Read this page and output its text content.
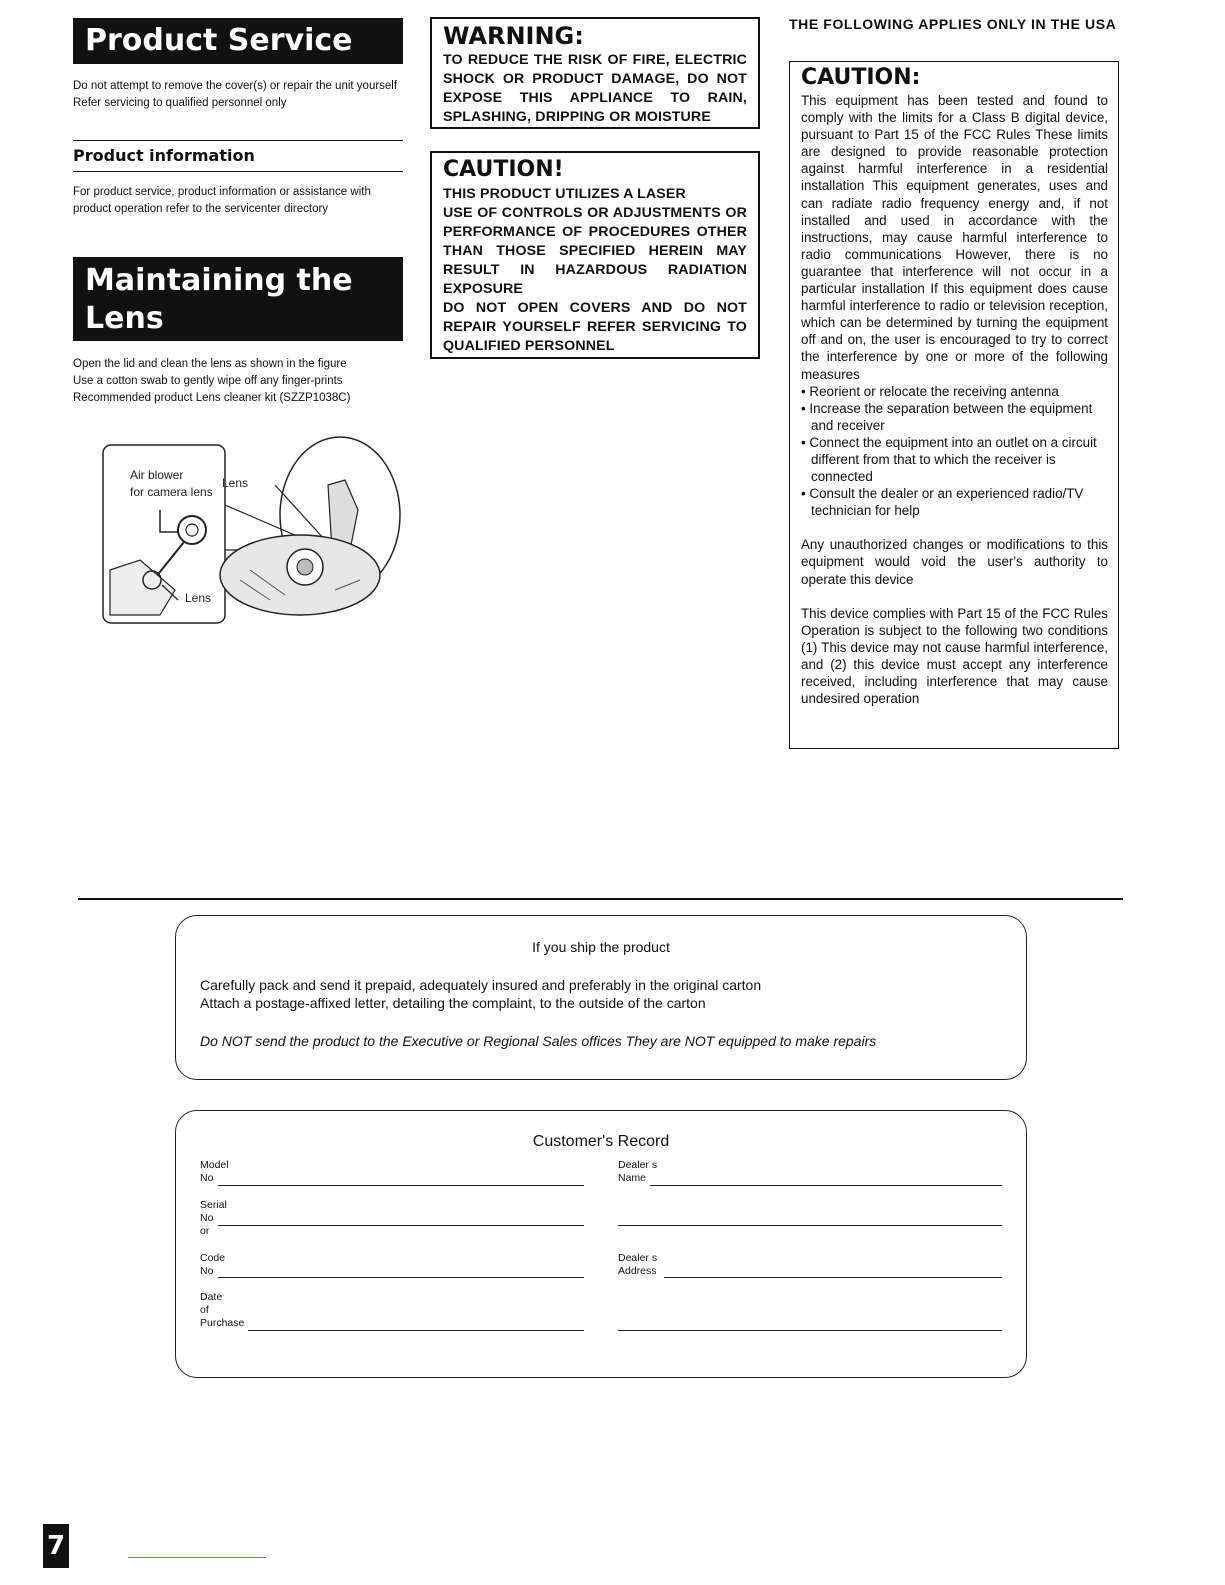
Product Service
Do not attempt to remove the cover(s) or repair the unit yourself Refer servicing to qualified personnel only
Product information
For product service, product information or assistance with product operation refer to the servicenter directory
Maintaining the
Lens
Open the lid and clean the lens as shown in the figure
Use a cotton swab to gently wipe off any finger-prints
Recommended product Lens cleaner kit (SZZP1038C)
Air blower
for camera lens
Lens
Lens
WARNING:
TO REDUCE THE RISK OF FIRE, ELECTRIC SHOCK OR PRODUCT DAMAGE, DO NOT EXPOSE THIS APPLIANCE TO RAIN, SPLASHING, DRIPPING OR MOISTURE
CAUTION!
THIS PRODUCT UTILIZES A LASER
USE OF CONTROLS OR ADJUSTMENTS OR PERFORMANCE OF PROCEDURES OTHER THAN THOSE SPECIFIED HEREIN MAY RESULT IN HAZARDOUS RADIATION EXPOSURE
DO NOT OPEN COVERS AND DO NOT REPAIR YOURSELF REFER SERVICING TO QUALIFIED PERSONNEL
THE FOLLOWING APPLIES ONLY IN THE USA
CAUTION:

This equipment has been tested and found to comply with the limits for a Class B digital device, pursuant to Part 15 of the FCC Rules These limits are designed to provide reasonable protection against harmful interference in a residential installation This equipment generates, uses and can radiate radio frequency energy and, if not installed and used in accordance with the instructions, may cause harmful interference to radio communications However, there is no guarantee that interference will not occur in a particular installation If this equipment does cause harmful interference to radio or television reception, which can be determined by turning the equipment off and on, the user is encouraged to try to correct the interference by one or more of the following measures

• Reorient or relocate the receiving antenna
• Increase the separation between the equipment and receiver
• Connect the equipment into an outlet on a circuit different from that to which the receiver is connected
• Consult the dealer or an experienced radio/TV technician for help

Any unauthorized changes or modifications to this equipment would void the user's authority to operate this device

This device complies with Part 15 of the FCC Rules Operation is subject to the following two conditions (1) This device may not cause harmful interference, and (2) this device must accept any interference received, including interference that may cause undesired operation

If you ship the product
Carefully pack and send it prepaid, adequately insured and preferably in the original carton
Attach a postage-affixed letter, detailing the complaint, to the outside of the carton
Do NOT send the product to the Executive or Regional Sales offices They are NOT equipped to make repairs
Customer's Record
Model
No
Serial
No
or
Code
No
Date
of
Purchase
Dealer s
Name
Dealer s
Address
7
